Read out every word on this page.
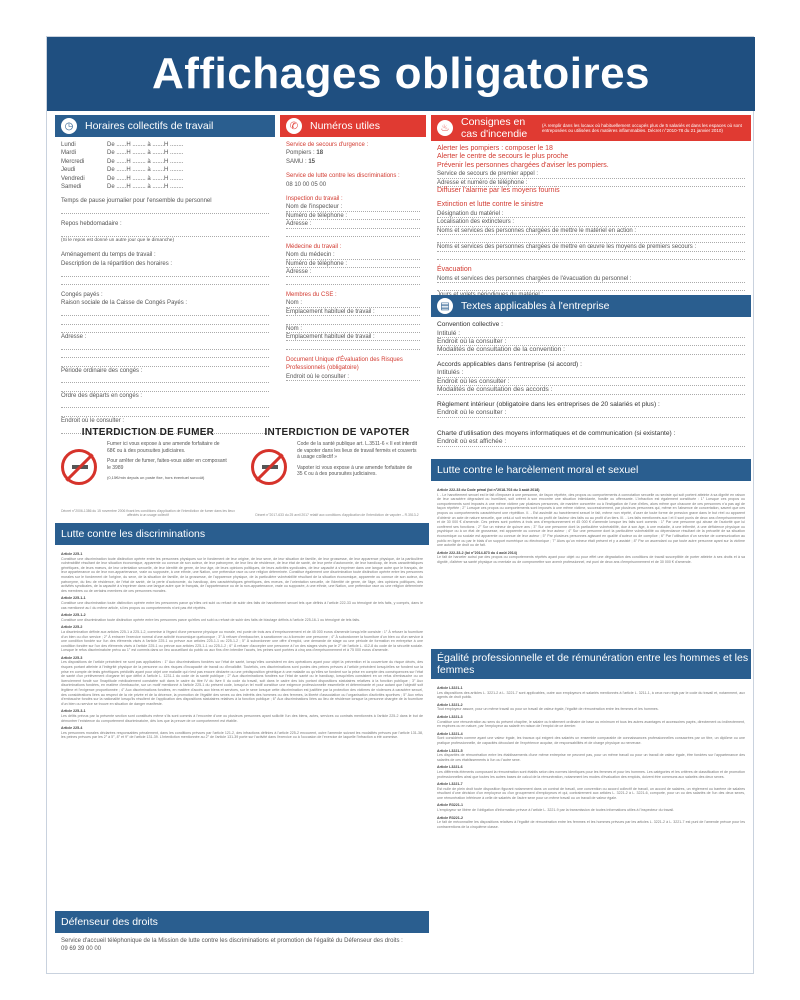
Affichages obligatoires
◷	Horaires collectifs de travail
Lundi	De ......H ........ à .......H ........
Mardi	De ......H ........ à .......H ........
Mercredi	De ......H ........ à .......H ........
Jeudi	De ......H ........ à .......H ........
Vendredi	De ......H ........ à .......H ........
Samedi	De ......H ........ à .......H ........
Temps de pause journalier pour l'ensemble du personnel
Repos hebdomadaire :
(Si le repos est donné un autre jour que le dimanche)
Aménagement du temps de travail :
Description de la répartition des horaires :
Congés payés :
Raison sociale de la Caisse de Congés Payés :
Adresse :
Période ordinaire des congés :
Ordre des départs en congés :
Endroit où le consulter :
✆	Numéros utiles
Service de secours d'urgence :
Pompiers : 18
SAMU : 15
Service de lutte contre les discriminations :
08 10 00 05 00
Inspection du travail :
Nom de l'inspecteur :
Numéro de téléphone :
Adresse :
Médecine du travail :
Nom du médecin :
Numéro de téléphone :
Adresse :
Membres du CSE :
Nom :
Emplacement habituel de travail :
Nom :
Emplacement habituel de travail :
Document Unique d'Évaluation des Risques Professionnels (obligatoire)
Endroit où le consulter :
♨	Consignes en cas d'incendie
(À remplir dans les locaux où habituellement occupés plus de 5 salariés et dans les espaces où sont entreposées ou utilisées des matières inflammables. Décret n°2010-78 du 21 janvier 2010)
Alerter les pompiers : composer le 18
Alerter le centre de secours le plus proche
Prévenir les personnes chargées d'aviser les pompiers.
Service de secours de premier appel :
Adresse et numéro de téléphone :
Diffuser l'alarme par les moyens fournis
Extinction et lutte contre le sinistre
Désignation du matériel :
Localisation des extincteurs :
Noms et services des personnes chargées de mettre le matériel en action :
Noms et services des personnes chargées de mettre en œuvre les moyens de premiers secours :
Évacuation
Noms et services des personnes chargées de l'évacuation du personnel :
▤	Textes applicables à l'entreprise
Convention collective :
Intitulé :
Endroit où la consulter :
Modalités de consultation de la convention :
Accords applicables dans l'entreprise (si accord) :
Intitulés :
Endroit où les consulter :
Modalités de consultation des accords :
Règlement intérieur (obligatoire dans les entreprises de 20 salariés et plus) :
Endroit où le consulter :
Charte d'utilisation des moyens informatiques et de communication (si existante) :
Endroit où est affichée :
INTERDICTION DE FUMER
Fumer ici vous expose à une amende forfaitaire de 68€ ou à des poursuites judiciaires.
Pour arrêter de fumer, faites-vous aider en composant le 3989
(0,15€/min depuis un poste fixe, hors éventuel surcoût)
Décret n°2006-1386 du 15 novembre 2006 fixant les conditions d'application de l'interdiction de fumer dans les lieux affectés à un usage collectif
INTERDICTION DE VAPOTER
Code de la santé publique art. L.3511-6 « Il est interdit de vapoter dans les lieux de travail fermés et couverts à usage collectif »
Vapoter ici vous expose à une amende forfaitaire de 35 € ou à des poursuites judiciaires.
Décret n°2017-633 du 25 avril 2017 relatif aux conditions d'application de l'interdiction de vapoter – R.3513-2
Lutte contre les discriminations
Article 225-1
Constitue une discrimination toute distinction opérée entre les personnes physiques sur le fondement de leur origine, de leur sexe, de leur situation de famille, de leur grossesse, de leur apparence physique, de la particulière vulnérabilité résultant de leur situation économique, apparente ou connue de son auteur, de leur patronyme, de leur lieu de résidence, de leur état de santé, de leur perte d'autonomie, de leur handicap, de leurs caractéristiques génétiques, de leurs mœurs, de leur orientation sexuelle, de leur identité de genre, de leur âge, de leurs opinions politiques, de leurs activités syndicales, de leur capacité à s'exprimer dans une langue autre que le français, de leur appartenance ou de leur non-appartenance, vraie ou supposée, à une ethnie, une Nation, une prétendue race ou une religion déterminée. Constitue également une discrimination toute distinction opérée entre les personnes morales sur le fondement de l'origine, du sexe, de la situation de famille, de la grossesse, de l'apparence physique, de la particulière vulnérabilité résultant de la situation économique, apparente ou connue de son auteur, du patronyme, du lieu de résidence, de l'état de santé, de la perte d'autonomie, du handicap, des caractéristiques génétiques, des mœurs, de l'orientation sexuelle, de l'identité de genre, de l'âge, des opinions politiques, des activités syndicales, de la capacité à s'exprimer dans une langue autre que le français, de l'appartenance ou de la non-appartenance, vraie ou supposée, à une ethnie, une Nation, une prétendue race ou une religion déterminée des membres ou de certains membres de ces personnes morales.
Article 225-1-1
Constitue une discrimination toute distinction opérée entre les personnes parce qu'elles ont subi ou refusé de subir des faits de harcèlement sexuel tels que définis à l'article 222-33 ou témoigné de tels faits, y compris, dans le cas mentionné au I du même article, si les propos ou comportements n'ont pas été répétés.
Article 225-1-2
Constitue une discrimination toute distinction opérée entre les personnes parce qu'elles ont subi ou refusé de subir des faits de bizutage définis à l'article 225-16-1 ou témoigné de tels faits.
Article 225-2
La discrimination définie aux articles 225-1 à 225-1-2, commise à l'égard d'une personne physique ou morale, est punie de trois ans d'emprisonnement et de 45 000 euros d'amende lorsqu'elle consiste : 1° À refuser la fourniture d'un bien ou d'un service ; 2° À entraver l'exercice normal d'une activité économique quelconque ; 3° À refuser d'embaucher, à sanctionner ou à licencier une personne ; 4° À subordonner la fourniture d'un bien ou d'un service à une condition fondée sur l'un des éléments visés à l'article 225-1 ou prévue aux articles 225-1-1 ou 225-1-2 ; 5° À subordonner une offre d'emploi, une demande de stage ou une période de formation en entreprise à une condition fondée sur l'un des éléments visés à l'article 225-1 ou prévue aux articles 225-1-1 ou 225-1-2 ; 6° À refuser d'accepter une personne à l'un des stages visés par le 2° de l'article L. 412-8 du code de la sécurité sociale. Lorsque le refus discriminatoire prévu au 1° est commis dans un lieu accueillant du public ou aux fins d'en interdire l'accès, les peines sont portées à cinq ans d'emprisonnement et à 75 000 euros d'amende.
Article 225-3
Les dispositions de l'article précédent ne sont pas applicables : 1° Aux discriminations fondées sur l'état de santé, lorsqu'elles consistent en des opérations ayant pour objet la prévention et la couverture du risque décès, des risques portant atteinte à l'intégrité physique de la personne ou des risques d'incapacité de travail ou d'invalidité. Toutefois, ces discriminations sont punies des peines prévues à l'article précédent lorsqu'elles se fondent sur la prise en compte de tests génétiques prédictifs ayant pour objet une maladie qui n'est pas encore déclarée ou une prédisposition génétique à une maladie ou qu'elles se fondent sur la prise en compte des conséquences sur l'état de santé d'un prélèvement d'organe tel que défini à l'article L. 1231-1 du code de la santé publique ; 2° Aux discriminations fondées sur l'état de santé ou le handicap, lorsqu'elles consistent en un refus d'embauche ou un licenciement fondé sur l'inaptitude médicalement constatée soit dans le cadre du titre IV du livre II du code du travail, soit dans le cadre des lois portant dispositions statutaires relatives à la fonction publique ; 3° Aux discriminations fondées, en matière d'embauche, sur un motif mentionné à l'article 225-1 du présent code, lorsqu'un tel motif constitue une exigence professionnelle essentielle et déterminante et pour autant que l'objectif soit légitime et l'exigence proportionnée ; 4° Aux discriminations fondées, en matière d'accès aux biens et services, sur le sexe lorsque cette discrimination est justifiée par la protection des victimes de violences à caractère sexuel, des considérations liées au respect de la vie privée et de la décence, la promotion de l'égalité des sexes ou des intérêts des hommes ou des femmes, la liberté d'association ou l'organisation d'activités sportives ; 5° Aux refus d'embauche fondés sur la nationalité lorsqu'ils résultent de l'application des dispositions statutaires relatives à la fonction publique ; 6° Aux discriminations liées au lieu de résidence lorsque la personne chargée de la fourniture d'un bien ou service se trouve en situation de danger manifeste.
Article 225-3-1
Les délits prévus par la présente section sont constitués même s'ils sont commis à l'encontre d'une ou plusieurs personnes ayant sollicité l'un des biens, actes, services ou contrats mentionnés à l'article 225-2 dans le but de démontrer l'existence du comportement discriminatoire, dès lors que la preuve de ce comportement est établie.
Article 225-4
Les personnes morales déclarées responsables pénalement, dans les conditions prévues par l'article 121-2, des infractions définies à l'article 225-2 encourent, outre l'amende suivant les modalités prévues par l'article 131-38, les peines prévues par les 2° à 5°, 8° et 9° de l'article 131-39. L'interdiction mentionnée au 2° de l'article 131-39 porte sur l'activité dans l'exercice ou à l'occasion de l'exercice de laquelle l'infraction a été commise.
Défenseur des droits
Service d'accueil téléphonique de la Mission de lutte contre les discriminations et promotion de l'égalité du Défenseur des droits :
09 69 39 00 00
Lutte contre le harcèlement moral et sexuel
Article 222-33 du Code pénal (loi n°2018-703 du 3 août 2018)
I. - Le harcèlement sexuel est le fait d'imposer à une personne, de façon répétée, des propos ou comportements à connotation sexuelle ou sexiste qui soit portent atteinte à sa dignité en raison de leur caractère dégradant ou humiliant, soit créent à son encontre une situation intimidante, hostile ou offensante. L'infraction est également constituée : 1° Lorsque ces propos ou comportements sont imposés à une même victime par plusieurs personnes, de manière concertée ou à l'instigation de l'une d'elles, alors même que chacune de ces personnes n'a pas agi de façon répétée ; 2° Lorsque ces propos ou comportements sont imposés à une même victime, successivement, par plusieurs personnes qui, même en l'absence de concertation, savent que ces propos ou comportements caractérisent une répétition. II. - Est assimilé au harcèlement sexuel le fait, même non répété, d'user de toute forme de pression grave dans le but réel ou apparent d'obtenir un acte de nature sexuelle, que celui-ci soit recherché au profit de l'auteur des faits ou au profit d'un tiers. III. - Les faits mentionnés aux I et II sont punis de deux ans d'emprisonnement et de 30 000 € d'amende. Ces peines sont portées à trois ans d'emprisonnement et 45 000 € d'amende lorsque les faits sont commis : 1° Par une personne qui abuse de l'autorité que lui confèrent ses fonctions ; 2° Sur un mineur de quinze ans ; 3° Sur une personne dont la particulière vulnérabilité, due à son âge, à une maladie, à une infirmité, à une déficience physique ou psychique ou à un état de grossesse, est apparente ou connue de leur auteur ; 4° Sur une personne dont la particulière vulnérabilité ou dépendance résultant de la précarité de sa situation économique ou sociale est apparente ou connue de leur auteur ; 5° Par plusieurs personnes agissant en qualité d'auteur ou de complice ; 6° Par l'utilisation d'un service de communication au public en ligne ou par le biais d'un support numérique ou électronique ; 7° Alors qu'un mineur était présent et y a assisté ; 8° Par un ascendant ou par toute autre personne ayant sur la victime une autorité de droit ou de fait.
Article 222-33-2 (loi n°2014-873 du 4 août 2014)
Le fait de harceler autrui par des propos ou comportements répétés ayant pour objet ou pour effet une dégradation des conditions de travail susceptible de porter atteinte à ses droits et à sa dignité, d'altérer sa santé physique ou mentale ou de compromettre son avenir professionnel, est puni de deux ans d'emprisonnement et de 30 000 € d'amende.
Égalité professionnelle et de rémunération entre les hommes et les femmes
Article L3221-1
Les dispositions des articles L. 3221-2 à L. 3221-7 sont applicables, outre aux employeurs et salariés mentionnés à l'article L. 3211-1, à ceux non régis par le code du travail et, notamment, aux agents de droit public.
Article L3221-2
Tout employeur assure, pour un même travail ou pour un travail de valeur égale, l'égalité de rémunération entre les femmes et les hommes.
Article L3221-3
Constitue une rémunération au sens du présent chapitre, le salaire ou traitement ordinaire de base ou minimum et tous les autres avantages et accessoires payés, directement ou indirectement, en espèces ou en nature, par l'employeur au salarié en raison de l'emploi de ce dernier.
Article L3221-4
Sont considérés comme ayant une valeur égale, les travaux qui exigent des salariés un ensemble comparable de connaissances professionnelles consacrées par un titre, un diplôme ou une pratique professionnelle, de capacités découlant de l'expérience acquise, de responsabilités et de charge physique ou nerveuse.
Article L3221-5
Les disparités de rémunération entre les établissements d'une même entreprise ne peuvent pas, pour un même travail ou pour un travail de valeur égale, être fondées sur l'appartenance des salariés de ces établissements à l'un ou l'autre sexe.
Article L3221-6
Les différents éléments composant la rémunération sont établis selon des normes identiques pour les femmes et pour les hommes. Les catégories et les critères de classification et de promotion professionnelles ainsi que toutes les autres bases de calcul de la rémunération, notamment les modes d'évaluation des emplois, doivent être communs aux salariés des deux sexes.
Article L3221-7
Est nulle de plein droit toute disposition figurant notamment dans un contrat de travail, une convention ou accord collectif de travail, un accord de salaires, un règlement ou barème de salaires résultant d'une décision d'un employeur ou d'un groupement d'employeurs et qui, contrairement aux articles L. 3221-2 à L. 3221-6, comporte, pour un ou des salariés de l'un des deux sexes, une rémunération inférieure à celle de salariés de l'autre sexe pour un même travail ou un travail de valeur égale.
Article R3221-1
L'employeur se libère de l'obligation d'information prévue à l'article L. 3221-9 par la transmission de toutes informations utiles à l'inspecteur du travail.
Article R3221-2
Le fait de méconnaître les dispositions relatives à l'égalité de rémunération entre les femmes et les hommes prévues par les articles L. 3221-2 à L. 3221-7 est puni de l'amende prévue pour les contraventions de la cinquième classe.
